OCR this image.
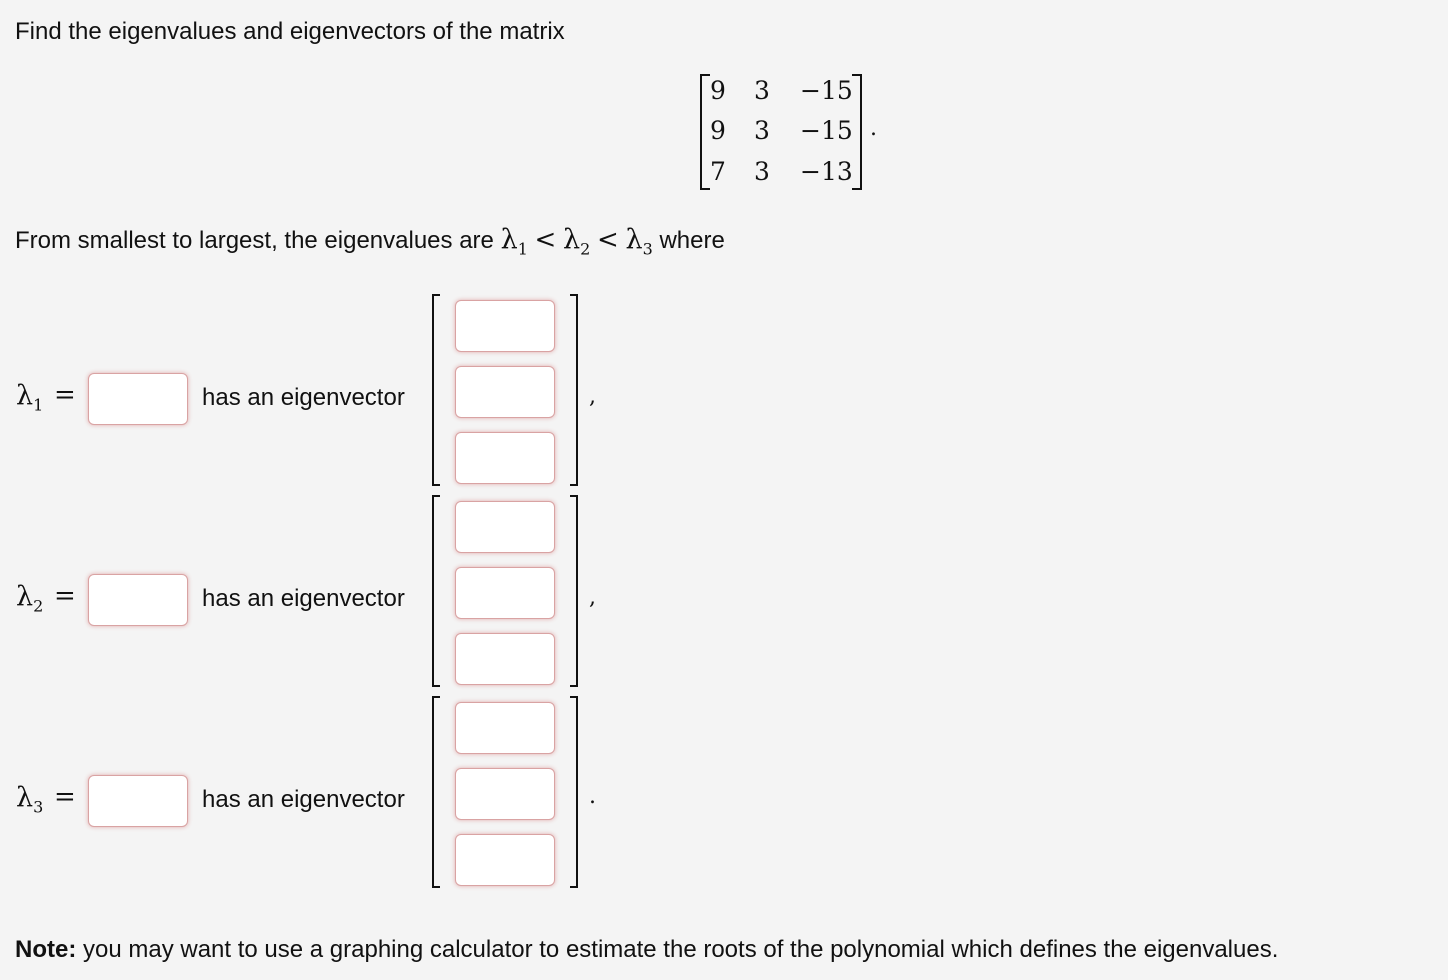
Find the eigenvalues and eigenvectors of the matrix
9 3 −15
9 3 −15
7 3 −13
.
From smallest to largest, the eigenvalues are $\lambda_1 < \lambda_2 < \lambda_3$ where
$\lambda_1$ =	has an eigenvector	,
$\lambda_2$ =	has an eigenvector	,
$\lambda_3$ =	has an eigenvector	.
Note: you may want to use a graphing calculator to estimate the roots of the polynomial which defines the eigenvalues.
